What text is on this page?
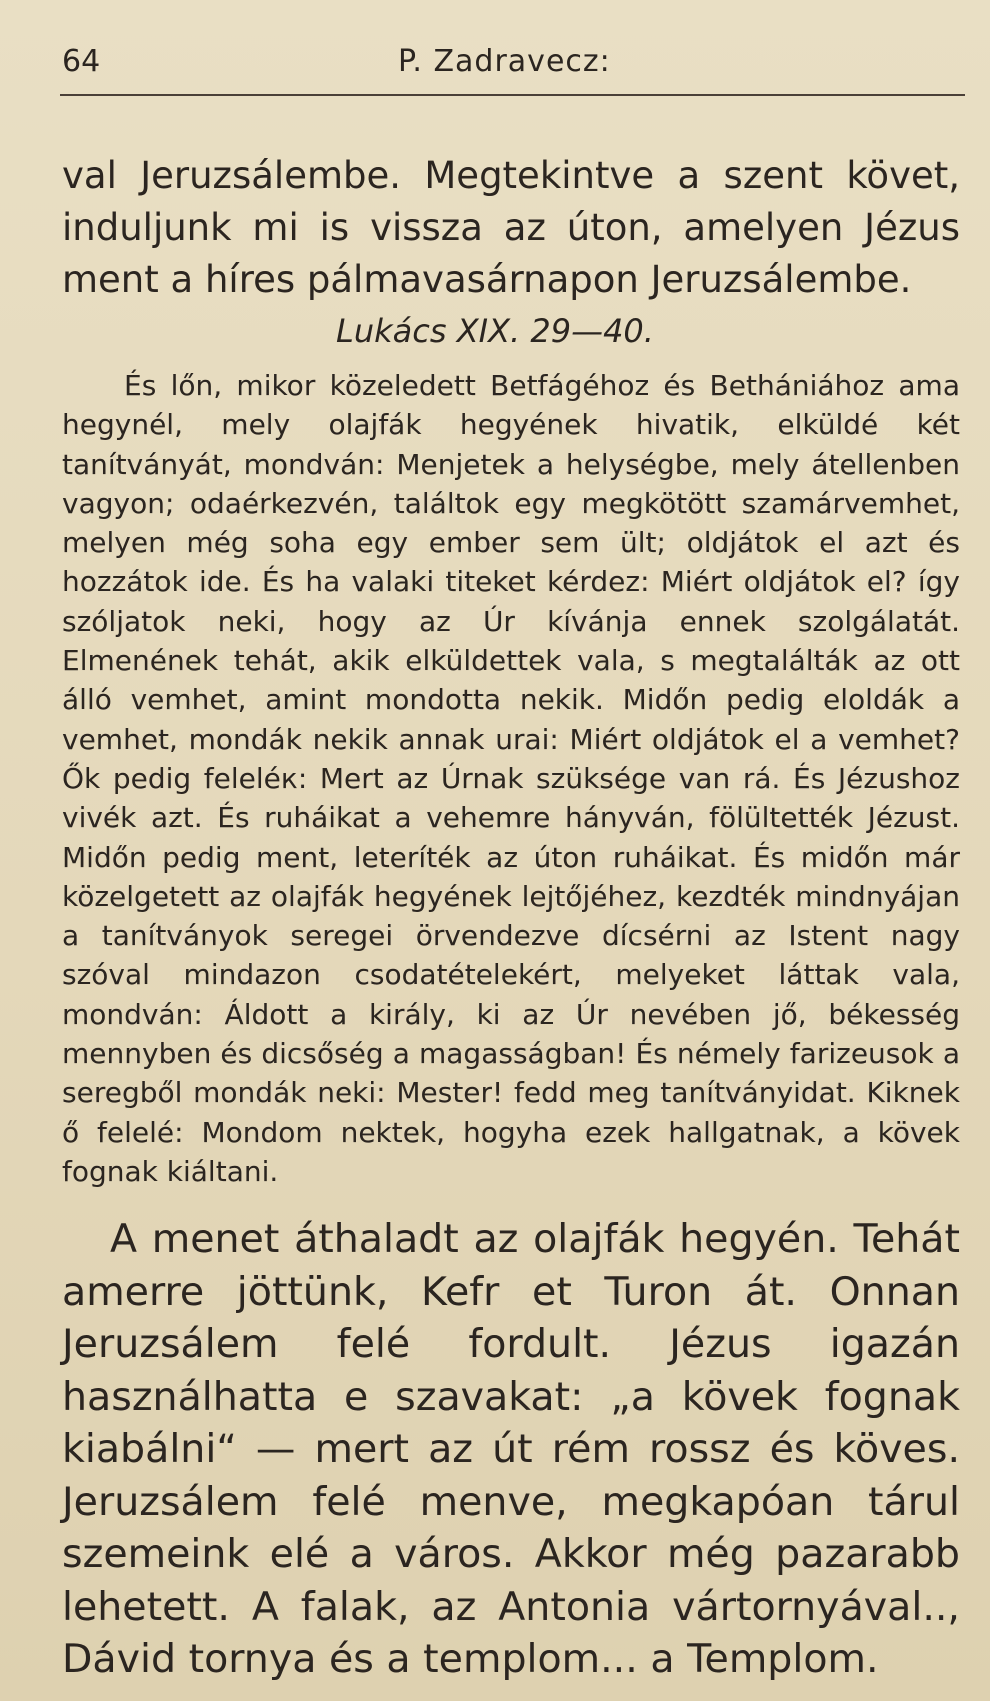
64	P. Zadravecz:

val Jeruzsálembe. Megtekintve a szent követ, induljunk mi is vissza az úton, amelyen Jézus ment a híres pálmavasárnapon Jeruzsálembe.

Lukács XIX. 29—40.

És lőn, mikor közeledett Betfágéhoz és Bethániához ama hegynél, mely olajfák hegyének hivatik, elküldé két tanítványát, mondván: Menjetek a helységbe, mely átellenben vagyon; odaérkezvén, találtok egy megkötött szamárvemhet, melyen még soha egy ember sem ült; oldjátok el azt és hozzátok ide. És ha valaki titeket kérdez: Miért oldjátok el? így szóljatok neki, hogy az Úr kívánja ennek szolgálatát. Elmenének tehát, akik elküldettek vala, s megtalálták az ott álló vemhet, amint mondotta nekik. Midőn pedig eloldák a vemhet, mondák nekik annak urai: Miért oldjátok el a vemhet? Ők pedig feleléк: Mert az Úrnak szüksége van rá. És Jézushoz vivék azt. És ruháikat a vehemre hányván, fölültették Jézust. Midőn pedig ment, leteríték az úton ruháikat. És midőn már közelgetett az olajfák hegyének lejtőjéhez, kezdték mindnyájan a tanítványok seregei örvendezve dícsérni az Istent nagy szóval mindazon csodatételekért, melyeket láttak vala, mondván: Áldott a király, ki az Úr nevében jő, békesség mennyben és dicsőség a magasságban! És némely farizeusok a seregből mondák neki: Mester! fedd meg tanítványidat. Kiknek ő felelé: Mondom nektek, hogyha ezek hallgatnak, a kövek fognak kiáltani.

A menet áthaladt az olajfák hegyén. Tehát amerre jöttünk, Kefr et Turon át. Onnan Jeruzsálem felé fordult. Jézus igazán használhatta e szavakat: „a kövek fognak kiabálni“ — mert az út rém rossz és köves. Jeruzsálem felé menve, megkapóan tárul szemeink elé a város. Akkor még pazarabb lehetett. A falak, az Antonia vártornyával.., Dávid tornya és a templom... a Templom.
